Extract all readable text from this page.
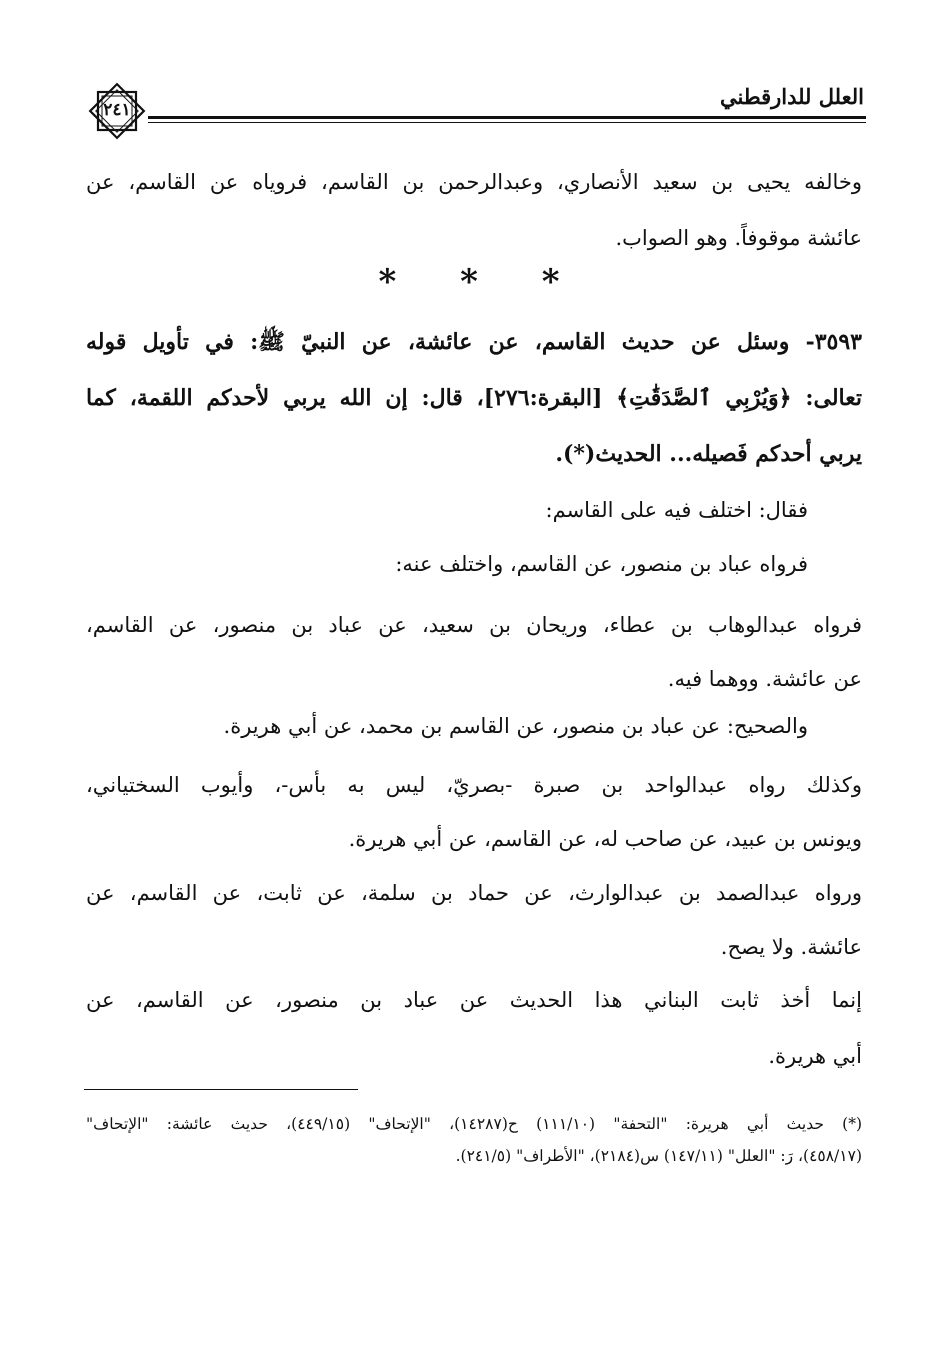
العلل للدارقطني
٢٤١
وخالفه يحيى بن سعيد الأنصاري، وعبدالرحمن بن القاسم، فروياه عن القاسم، عن
عائشة موقوفاً. وهو الصواب.
* * *
٣٥٩٣- وسئل عن حديث القاسم، عن عائشة، عن النبيّ ﷺ: في تأويل قوله
تعالى: ﴿وَيُرْبِي ٱلصَّدَقَٰتِ﴾ [البقرة:٢٧٦]، قال: إن الله يربي لأحدكم اللقمة، كما
يربي أحدكم فَصيله... الحديث(*).
فقال: اختلف فيه على القاسم:
فرواه عباد بن منصور، عن القاسم، واختلف عنه:
فرواه عبدالوهاب بن عطاء، وريحان بن سعيد، عن عباد بن منصور، عن القاسم،
عن عائشة. ووهما فيه.
والصحيح: عن عباد بن منصور، عن القاسم بن محمد، عن أبي هريرة.
وكذلك رواه عبدالواحد بن صبرة -بصريّ، ليس به بأس-، وأيوب السختياني،
ويونس بن عبيد، عن صاحب له، عن القاسم، عن أبي هريرة.
ورواه عبدالصمد بن عبدالوارث، عن حماد بن سلمة، عن ثابت، عن القاسم، عن
عائشة. ولا يصح.
إنما أخذ ثابت البناني هذا الحديث عن عباد بن منصور، عن القاسم، عن
أبي هريرة.
(*) حديث أبي هريرة: "التحفة" (١١١/١٠) ح(١٤٢٨٧)، "الإتحاف" (٤٤٩/١٥)، حديث عائشة: "الإتحاف"
(٤٥٨/١٧)، رَ: "العلل" (١٤٧/١١) س(٢١٨٤)، "الأطراف" (٢٤١/٥).
